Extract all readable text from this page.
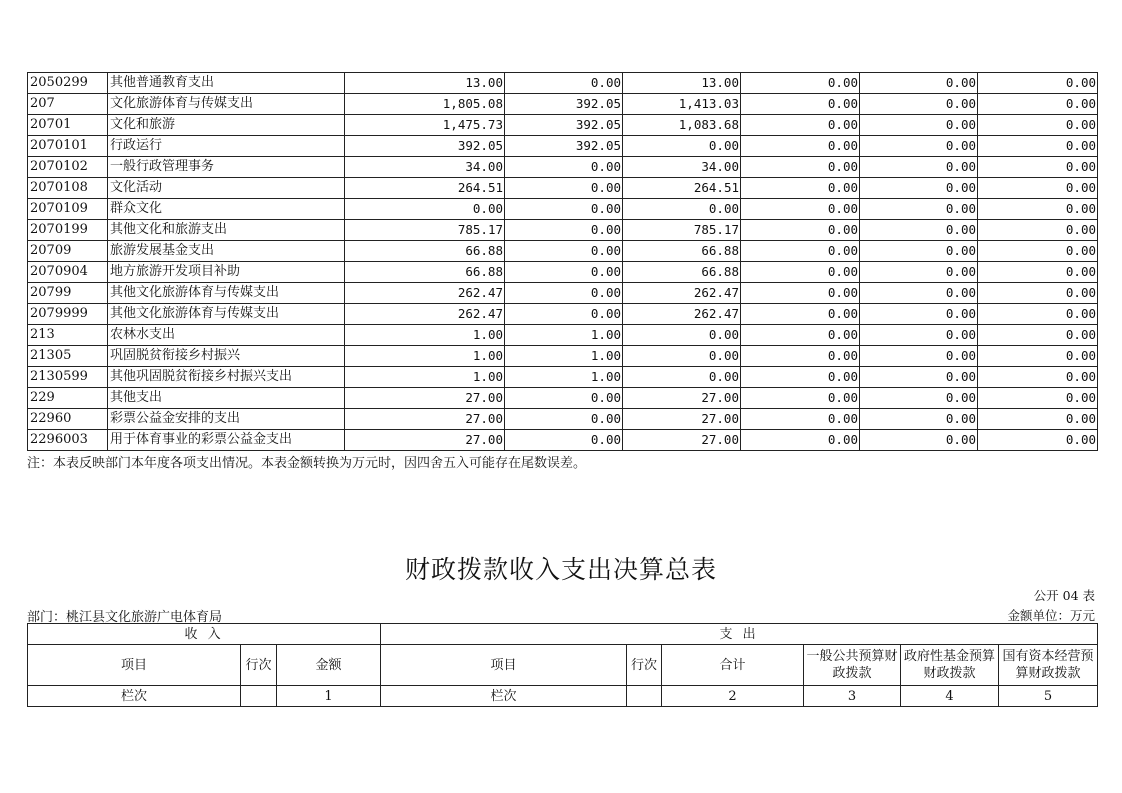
2050299	其他普通教育支出	13.00	0.00	13.00	0.00	0.00	0.00
207	文化旅游体育与传媒支出	1,805.08	392.05	1,413.03	0.00	0.00	0.00
20701	文化和旅游	1,475.73	392.05	1,083.68	0.00	0.00	0.00
2070101	行政运行	392.05	392.05	0.00	0.00	0.00	0.00
2070102	一般行政管理事务	34.00	0.00	34.00	0.00	0.00	0.00
2070108	文化活动	264.51	0.00	264.51	0.00	0.00	0.00
2070109	群众文化	0.00	0.00	0.00	0.00	0.00	0.00
2070199	其他文化和旅游支出	785.17	0.00	785.17	0.00	0.00	0.00
20709	旅游发展基金支出	66.88	0.00	66.88	0.00	0.00	0.00
2070904	地方旅游开发项目补助	66.88	0.00	66.88	0.00	0.00	0.00
20799	其他文化旅游体育与传媒支出	262.47	0.00	262.47	0.00	0.00	0.00
2079999	其他文化旅游体育与传媒支出	262.47	0.00	262.47	0.00	0.00	0.00
213	农林水支出	1.00	1.00	0.00	0.00	0.00	0.00
21305	巩固脱贫衔接乡村振兴	1.00	1.00	0.00	0.00	0.00	0.00
2130599	其他巩固脱贫衔接乡村振兴支出	1.00	1.00	0.00	0.00	0.00	0.00
229	其他支出	27.00	0.00	27.00	0.00	0.00	0.00
22960	彩票公益金安排的支出	27.00	0.00	27.00	0.00	0.00	0.00
2296003	用于体育事业的彩票公益金支出	27.00	0.00	27.00	0.00	0.00	0.00
注：本表反映部门本年度各项支出情况。本表金额转换为万元时，因四舍五入可能存在尾数误差。
财政拨款收入支出决算总表
公开 04 表
部门：桃江县文化旅游广电体育局	金额单位：万元
收 入			支 出					
项目	行次	金额	项目	行次	合计	一般公共预算财政拨款	政府性基金预算财政拨款	国有资本经营预算财政拨款
栏次		1	栏次		2	3	4	5
